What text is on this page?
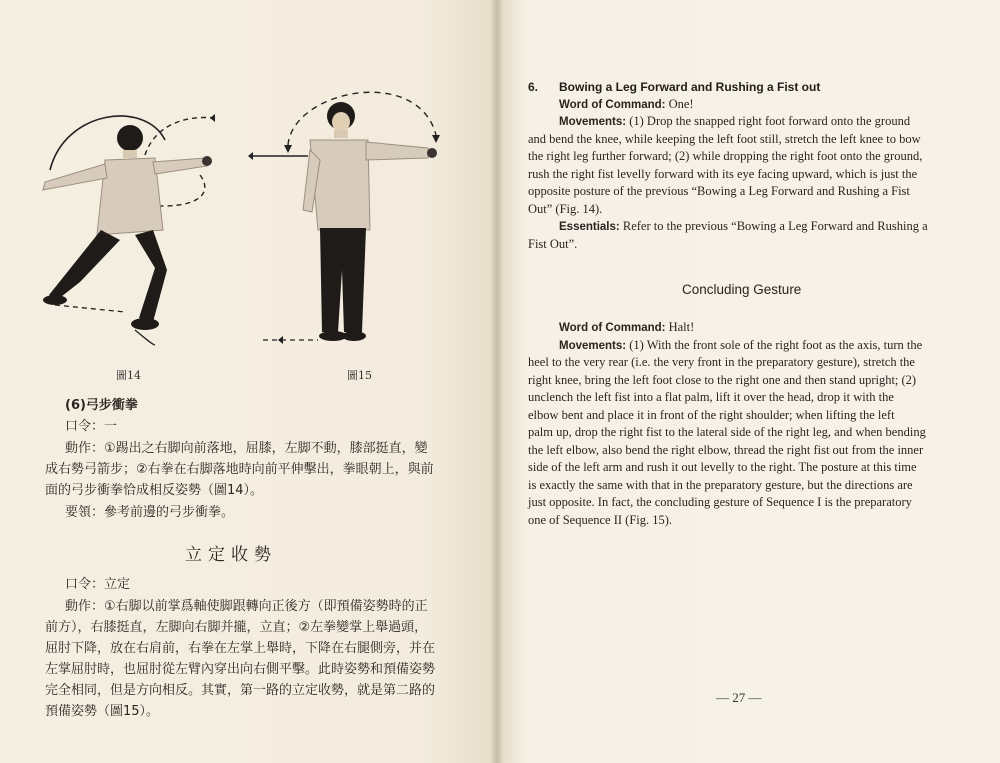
圖14	圖15
(6)弓步衝拳
口令：一
動作：①踢出之右脚向前落地，屈膝，左脚不動，膝部挺直，變
成右勢弓箭步；②右拳在右脚落地時向前平伸擊出，拳眼朝上，與前
面的弓步衝拳恰成相反姿勢（圖14）。
要領：參考前邊的弓步衝拳。
立定收勢
口令：立定
動作：①右脚以前掌爲軸使脚跟轉向正後方（即預備姿勢時的正
前方），右膝挺直，左脚向右脚并攏，立直；②左拳變掌上舉過頭，
屈肘下降，放在右肩前，右拳在左掌上舉時，下降在右腿側旁，并在
左掌屈肘時，也屈肘從左臂內穿出向右側平擊。此時姿勢和預備姿勢
完全相同，但是方向相反。其實，第一路的立定收勢，就是第二路的
預備姿勢（圖15）。
6. Bowing a Leg Forward and Rushing a Fist out
Word of Command: One!
Movements: (1) Drop the snapped right foot forward onto the ground
and bend the knee, while keeping the left foot still, stretch the left knee to bow
the right leg further forward; (2) while dropping the right foot onto the ground,
rush the right fist levelly forward with its eye facing upward, which is just the
opposite posture of the previous “Bowing a Leg Forward and Rushing a Fist
Out” (Fig. 14).
Essentials: Refer to the previous “Bowing a Leg Forward and Rushing a
Fist Out”.
Concluding Gesture
Word of Command: Halt!
Movements: (1) With the front sole of the right foot as the axis, turn the
heel to the very rear (i.e. the very front in the preparatory gesture), stretch the
right knee, bring the left foot close to the right one and then stand upright; (2)
unclench the left fist into a flat palm, lift it over the head, drop it with the
elbow bent and place it in front of the right shoulder; when lifting the left
palm up, drop the right fist to the lateral side of the right leg, and when bending
the left elbow, also bend the right elbow, thread the right fist out from the inner
side of the left arm and rush it out levelly to the right. The posture at this time
is exactly the same with that in the preparatory gesture, but the directions are
just opposite. In fact, the concluding gesture of Sequence I is the preparatory
one of Sequence II (Fig. 15).
— 27 —
